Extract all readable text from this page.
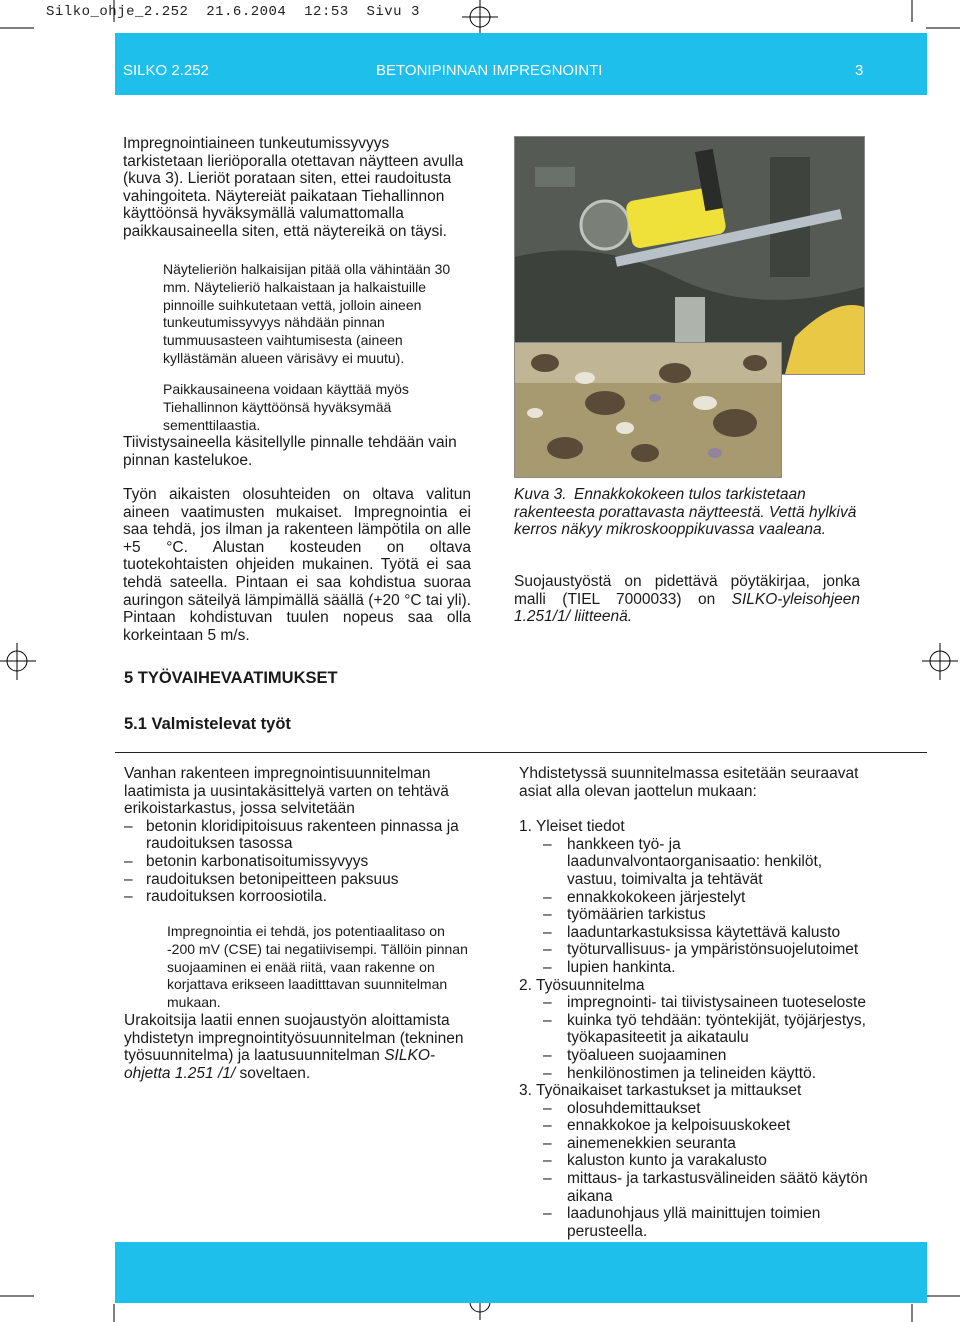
Silko_ohje_2.252  21.6.2004  12:53  Sivu 3
SILKO 2.252	BETONIPINNAN IMPREGNOINTI	3

Impregnointiaineen tunkeutumissyvyys tarkistetaan lieriöporalla otettavan näytteen avulla (kuva 3). Lieriöt porataan siten, ettei raudoitusta vahingoiteta. Näytereiät paikataan Tiehallinnon käyttöönsä hyväksymällä valumattomalla paikkausaineella siten, että näytereikä on täysi.

Näytelieriön halkaisijan pitää olla vähintään 30 mm. Näytelieriö halkaistaan ja halkaistuille pinnoille suihkutetaan vettä, jolloin aineen tunkeutumissyvyys nähdään pinnan tummuusasteen vaihtumisesta (aineen kyllästämän alueen värisävy ei muutu).

Paikkausaineena voidaan käyttää myös Tiehallinnon käyttöönsä hyväksymää sementtilaastia.

Tiivistysaineella käsitellylle pinnalle tehdään vain pinnan kastelukoe.

Työn aikaisten olosuhteiden on oltava valitun aineen vaatimusten mukaiset. Impregnointia ei saa tehdä, jos ilman ja rakenteen lämpötila on alle +5 °C. Alustan kosteuden on oltava tuotekohtaisten ohjeiden mukainen. Työtä ei saa tehdä sateella. Pintaan ei saa kohdistua suoraa auringon säteilyä lämpimällä säällä (+20 °C tai yli). Pintaan kohdistuvan tuulen nopeus saa olla korkeintaan 5 m/s.

Kuva 3. Ennakkokokeen tulos tarkistetaan rakenteesta porattavasta näytteestä. Vettä hylkivä kerros näkyy mikroskooppikuvassa vaaleana.

Suojaustyöstä on pidettävä pöytäkirjaa, jonka malli (TIEL 7000033) on SILKO-yleisohjeen 1.251/1/ liitteenä.

5 TYÖVAIHEVAATIMUKSET
5.1 Valmistelevat työt

Vanhan rakenteen impregnointisuunnitelman laatimista ja uusintakäsittelyä varten on tehtävä erikoistarkastus, jossa selvitetään

– betonin kloridipitoisuus rakenteen pinnassa ja raudoituksen tasossa
– betonin karbonatisoitumissyvyys
– raudoituksen betonipeitteen paksuus
– raudoituksen korroosiotila.

Impregnointia ei tehdä, jos potentiaalitaso on -200 mV (CSE) tai negatiivisempi. Tällöin pinnan suojaaminen ei enää riitä, vaan rakenne on korjattava erikseen laaditttavan suunnitelman mukaan.

Urakoitsija laatii ennen suojaustyön aloittamista yhdistetyn impregnointityösuunnitelman (tekninen työsuunnitelma) ja laatusuunnitelman SILKO-ohjetta 1.251 /1/ soveltaen.

Yhdistetyssä suunnitelmassa esitetään seuraavat asiat alla olevan jaottelun mukaan:

1. Yleiset tiedot
– hankkeen työ- ja laadunvalvontaorganisaatio: henkilöt, vastuu, toimivalta ja tehtävät
– ennakkokokeen järjestelyt
– työmäärien tarkistus
– laaduntarkastuksissa käytettävä kalusto
– työturvallisuus- ja ympäristönsuojelutoimet
– lupien hankinta.
2. Työsuunnitelma
– impregnointi- tai tiivistysaineen tuoteseloste
– kuinka työ tehdään: työntekijät, työjärjestys, työkapasiteetit ja aikataulu
– työalueen suojaaminen
– henkilönostimen ja telineiden käyttö.
3. Työnaikaiset tarkastukset ja mittaukset
– olosuhdemittaukset
– ennakkokoe ja kelpoisuuskokeet
– ainemenekkien seuranta
– kaluston kunto ja varakalusto
– mittaus- ja tarkastusvälineiden säätö käytön aikana
– laadunohjaus yllä mainittujen toimien perusteella.
